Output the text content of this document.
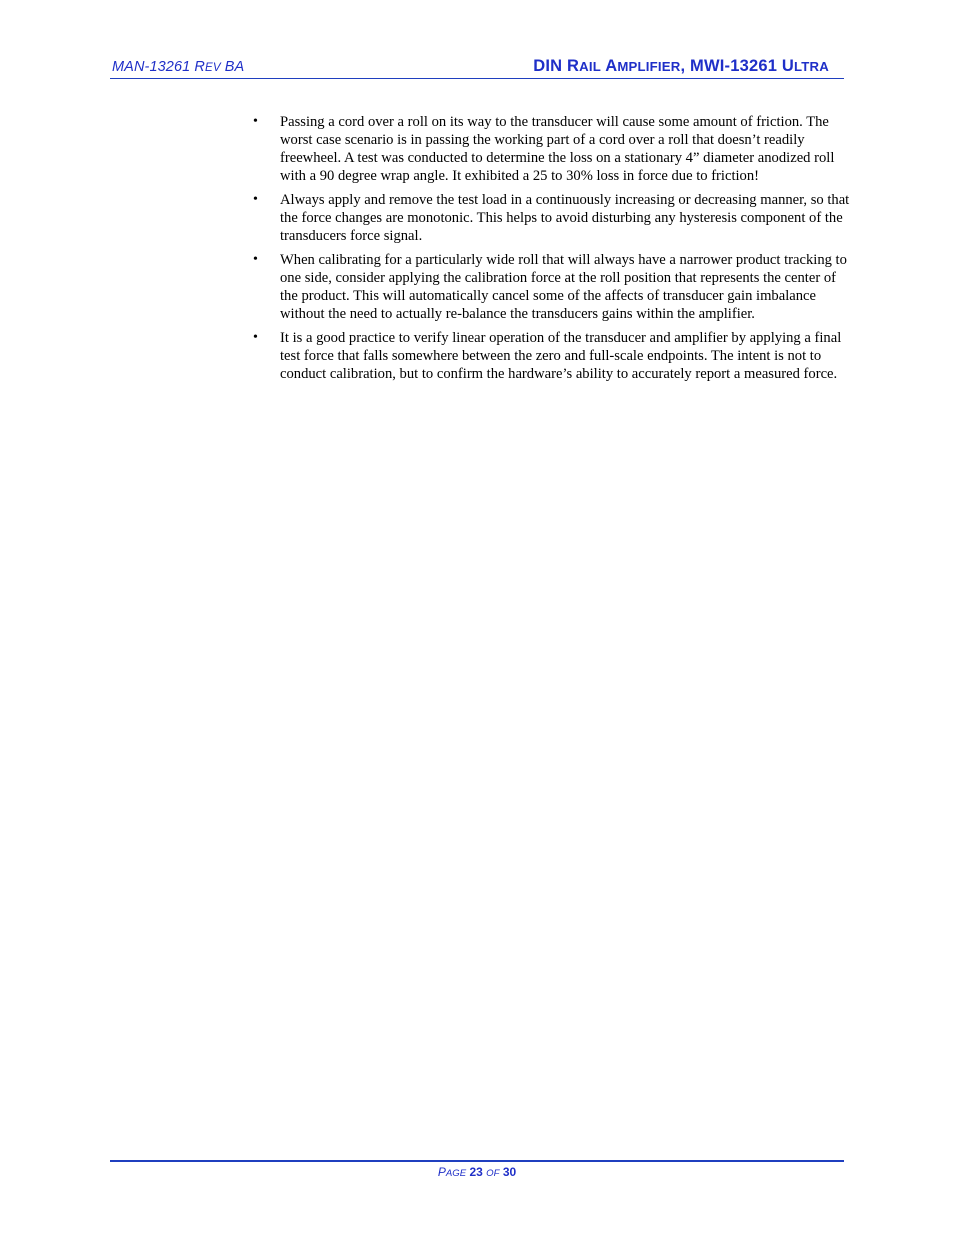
MAN-13261 REV BA	DIN RAIL AMPLIFIER, MWI-13261 ULTRA
• Passing a cord over a roll on its way to the transducer will cause some amount of friction. The worst case scenario is in passing the working part of a cord over a roll that doesn’t readily freewheel. A test was conducted to determine the loss on a stationary 4” diameter anodized roll with a 90 degree wrap angle. It exhibited a 25 to 30% loss in force due to friction!
• Always apply and remove the test load in a continuously increasing or decreasing manner, so that the force changes are monotonic. This helps to avoid disturbing any hysteresis component of the transducers force signal.
• When calibrating for a particularly wide roll that will always have a narrower product tracking to one side, consider applying the calibration force at the roll position that represents the center of the product. This will automatically cancel some of the affects of transducer gain imbalance without the need to actually re-balance the transducers gains within the amplifier.
• It is a good practice to verify linear operation of the transducer and amplifier by applying a final test force that falls somewhere between the zero and full-scale endpoints. The intent is not to conduct calibration, but to confirm the hardware’s ability to accurately report a measured force.
PAGE 23 OF 30
